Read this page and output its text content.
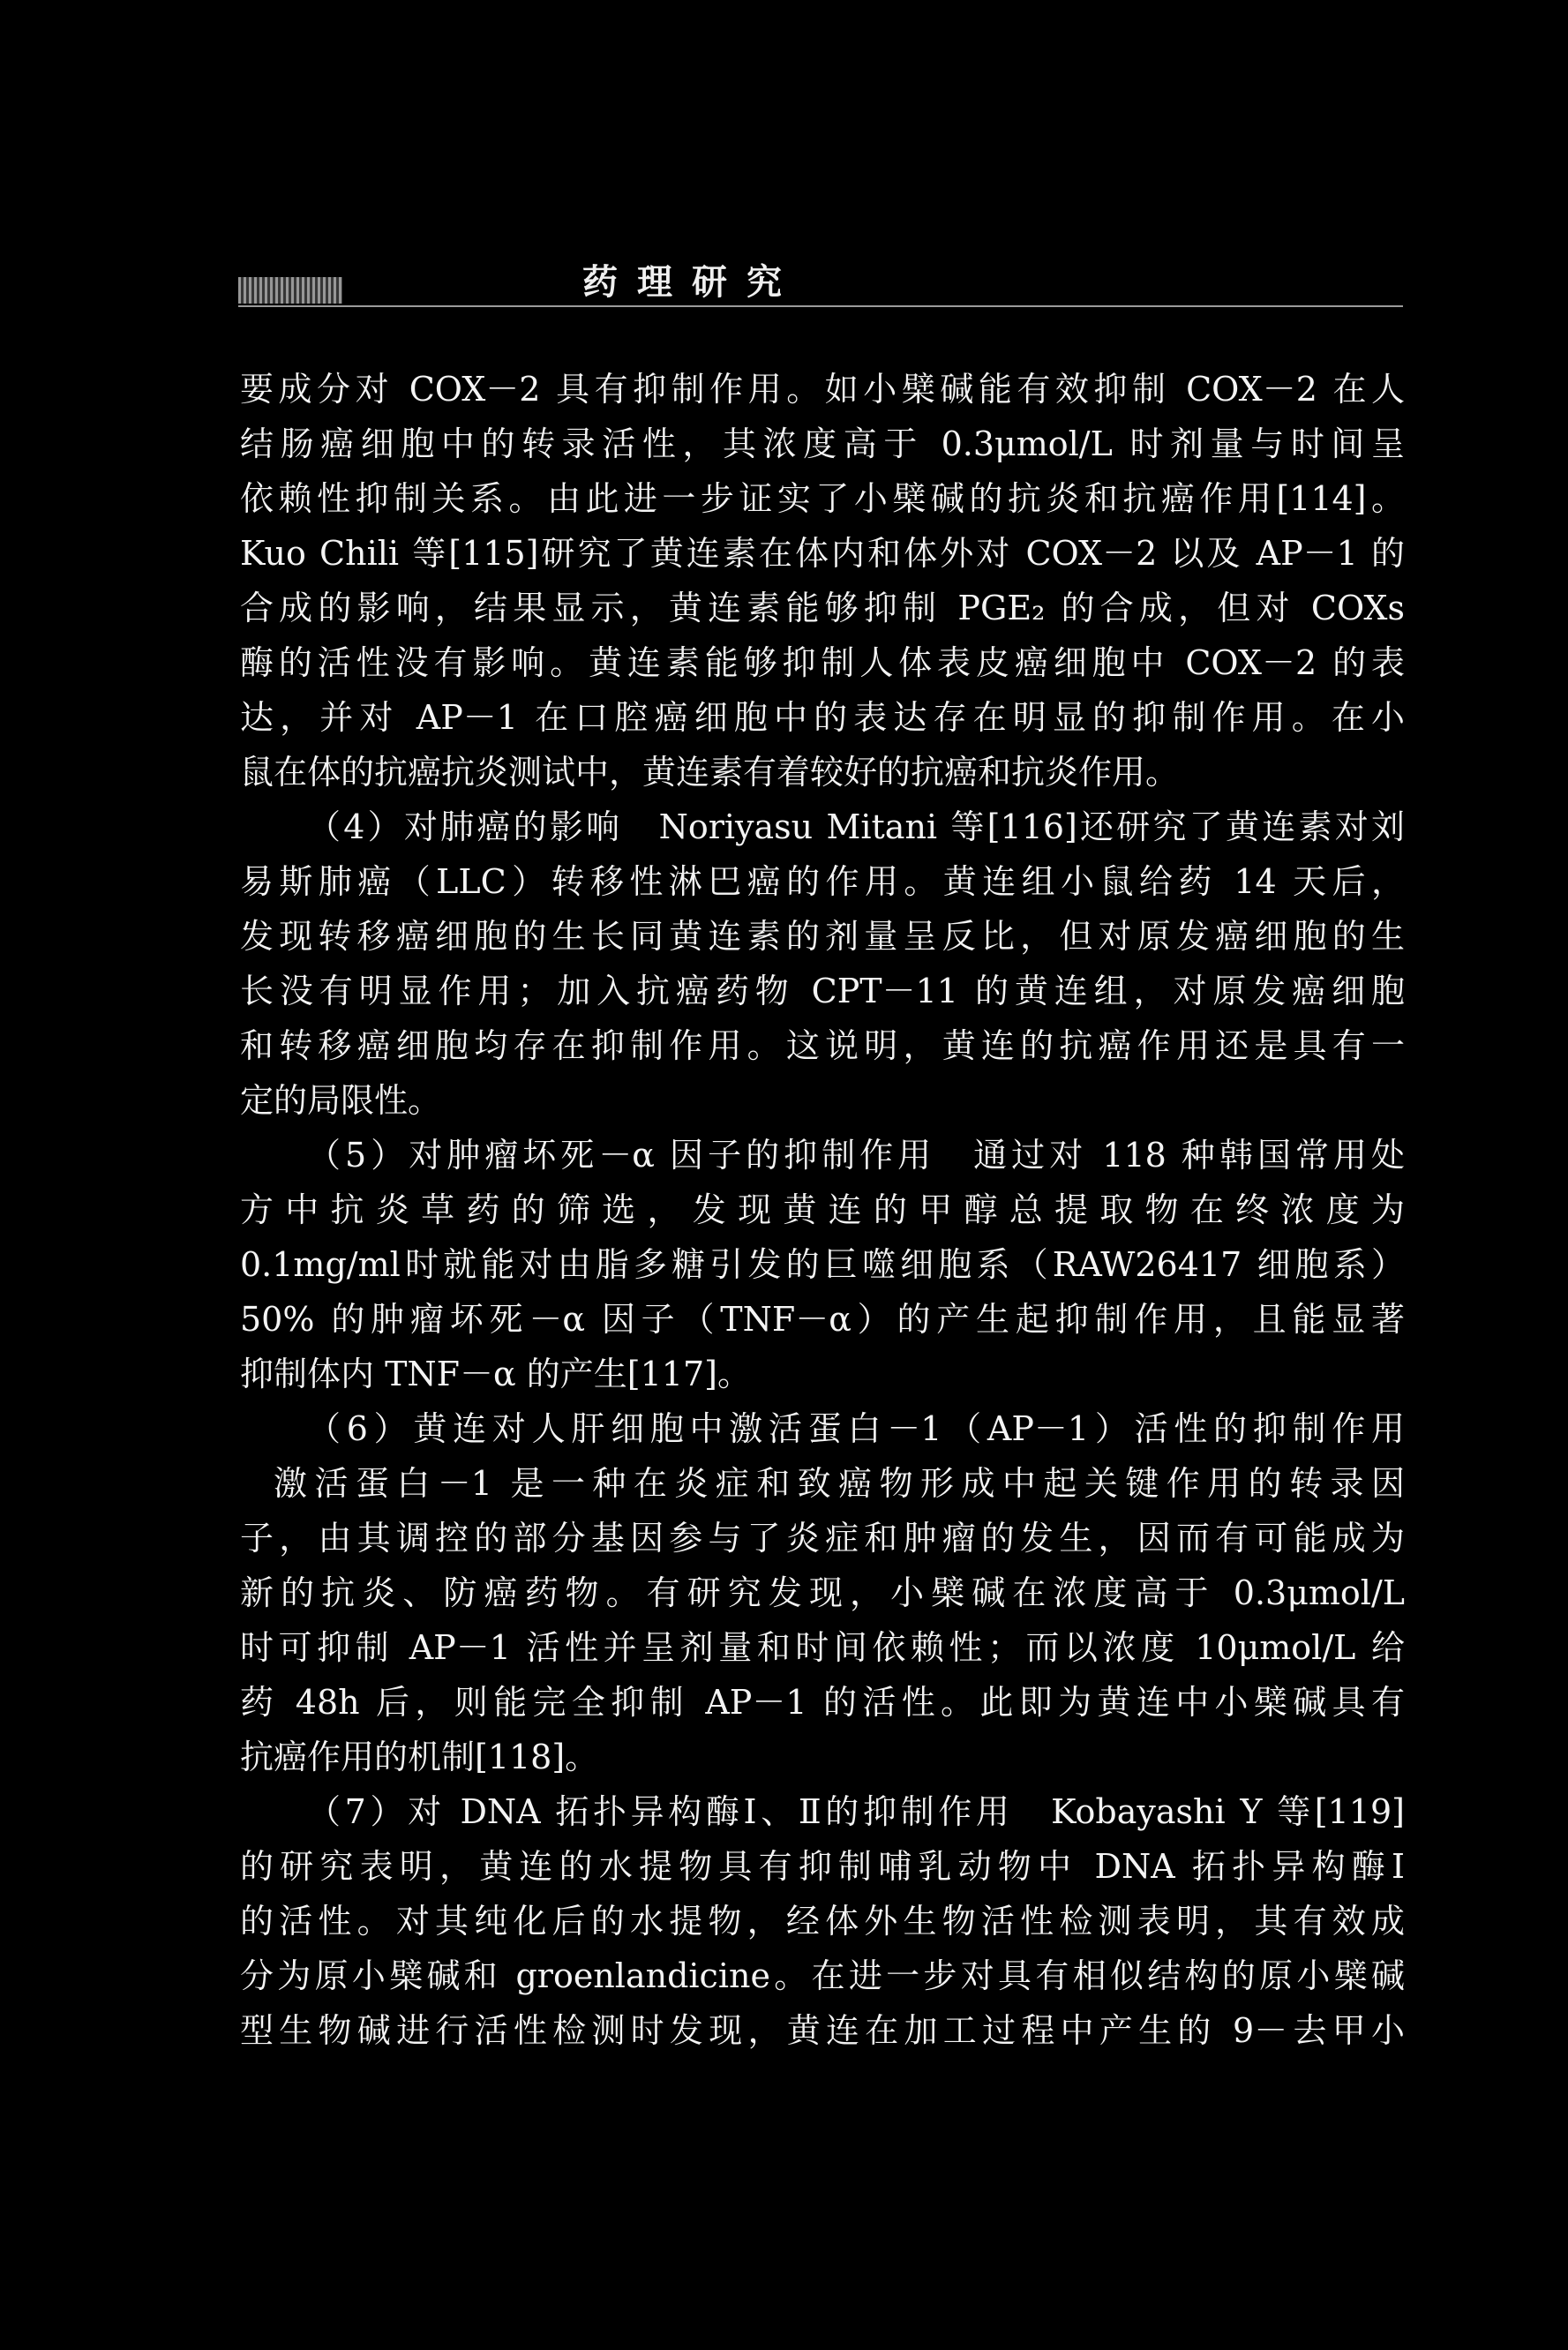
药理研究
要成分对 COX－2 具有抑制作用。如小檗碱能有效抑制 COX－2 在人
结肠癌细胞中的转录活性，其浓度高于 0.3μmol/L 时剂量与时间呈
依赖性抑制关系。由此进一步证实了小檗碱的抗炎和抗癌作用[114]。
Kuo Chili 等[115]研究了黄连素在体内和体外对 COX－2 以及 AP－1 的
合成的影响，结果显示，黄连素能够抑制 PGE₂ 的合成，但对 COXs
酶的活性没有影响。黄连素能够抑制人体表皮癌细胞中 COX－2 的表
达，并对 AP－1 在口腔癌细胞中的表达存在明显的抑制作用。在小
鼠在体的抗癌抗炎测试中，黄连素有着较好的抗癌和抗炎作用。
（4）对肺癌的影响　Noriyasu Mitani 等[116]还研究了黄连素对刘
易斯肺癌（LLC）转移性淋巴癌的作用。黄连组小鼠给药 14 天后，
发现转移癌细胞的生长同黄连素的剂量呈反比，但对原发癌细胞的生
长没有明显作用；加入抗癌药物 CPT－11 的黄连组，对原发癌细胞
和转移癌细胞均存在抑制作用。这说明，黄连的抗癌作用还是具有一
定的局限性。
（5）对肿瘤坏死－α 因子的抑制作用　通过对 118 种韩国常用处
方中抗炎草药的筛选，发现黄连的甲醇总提取物在终浓度为
0.1mg/ml时就能对由脂多糖引发的巨噬细胞系（RAW26417 细胞系）
50% 的肿瘤坏死－α 因子（TNF－α）的产生起抑制作用，且能显著
抑制体内 TNF－α 的产生[117]。
（6）黄连对人肝细胞中激活蛋白－1（AP－1）活性的抑制作用
激活蛋白－1 是一种在炎症和致癌物形成中起关键作用的转录因
子，由其调控的部分基因参与了炎症和肿瘤的发生，因而有可能成为
新的抗炎、防癌药物。有研究发现，小檗碱在浓度高于 0.3μmol/L
时可抑制 AP－1 活性并呈剂量和时间依赖性；而以浓度 10μmol/L 给
药 48h 后，则能完全抑制 AP－1 的活性。此即为黄连中小檗碱具有
抗癌作用的机制[118]。
（7）对 DNA 拓扑异构酶Ⅰ、Ⅱ的抑制作用　Kobayashi Y 等[119]
的研究表明，黄连的水提物具有抑制哺乳动物中 DNA 拓扑异构酶Ⅰ
的活性。对其纯化后的水提物，经体外生物活性检测表明，其有效成
分为原小檗碱和 groenlandicine。在进一步对具有相似结构的原小檗碱
型生物碱进行活性检测时发现，黄连在加工过程中产生的 9－去甲小
